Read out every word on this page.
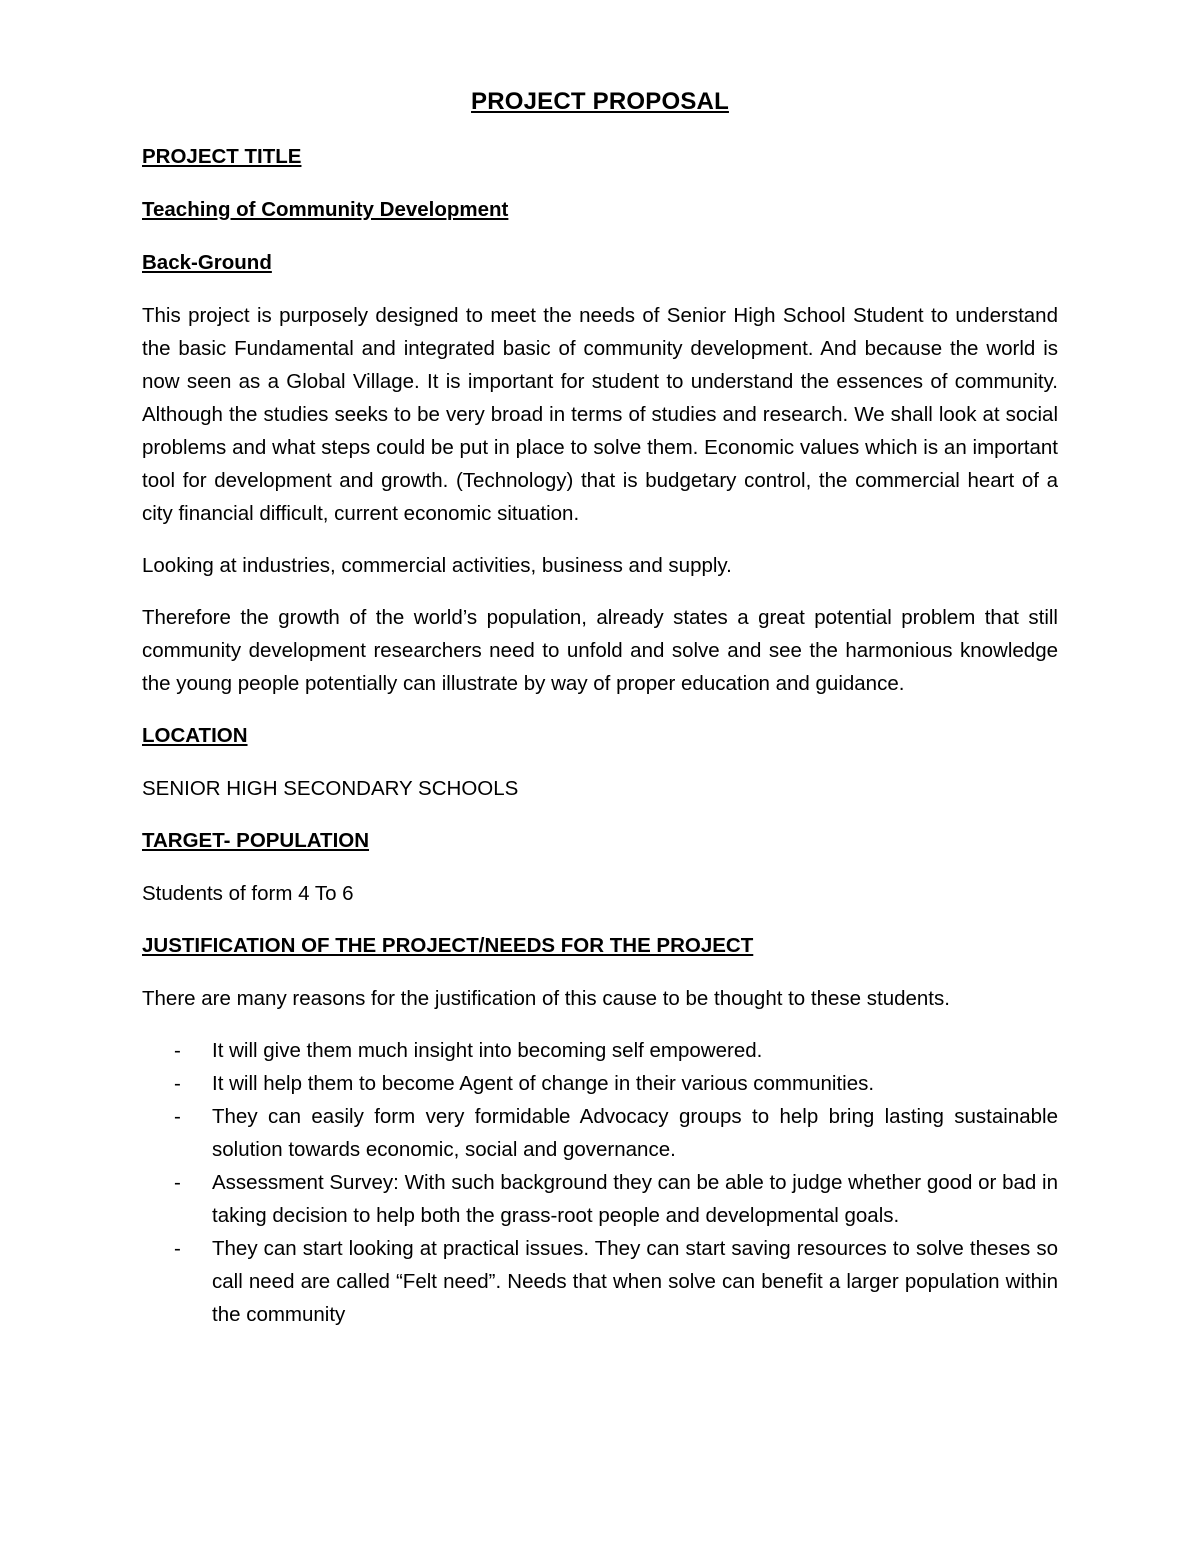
PROJECT PROPOSAL
PROJECT TITLE
Teaching of Community Development
Back-Ground

This project is purposely designed to meet the needs of Senior High School Student to understand the basic Fundamental and integrated basic of community development. And because the world is now seen as a Global Village. It is important for student to understand the essences of community. Although the studies seeks to be very broad in terms of studies and research. We shall look at social problems and what steps could be put in place to solve them. Economic values which is an important tool for development and growth. (Technology) that is budgetary control, the commercial heart of a city financial difficult, current economic situation.

Looking at industries, commercial activities, business and supply.

Therefore the growth of the world’s population, already states a great potential problem that still community development researchers need to unfold and solve and see the harmonious knowledge the young people potentially can illustrate by way of proper education and guidance.

LOCATION

SENIOR HIGH SECONDARY SCHOOLS

TARGET- POPULATION

Students of form 4 To 6

JUSTIFICATION OF THE PROJECT/NEEDS FOR THE PROJECT

There are many reasons for the justification of this cause to be thought to these students.

- It will give them much insight into becoming self empowered.
- It will help them to become Agent of change in their various communities.
- They can easily form very formidable Advocacy groups to help bring lasting sustainable solution towards economic, social and governance.
- Assessment Survey: With such background they can be able to judge whether good or bad in taking decision to help both the grass-root people and developmental goals.
- They can start looking at practical issues. They can start saving resources to solve theses so call need are called “Felt need”. Needs that when solve can benefit a larger population within the community
